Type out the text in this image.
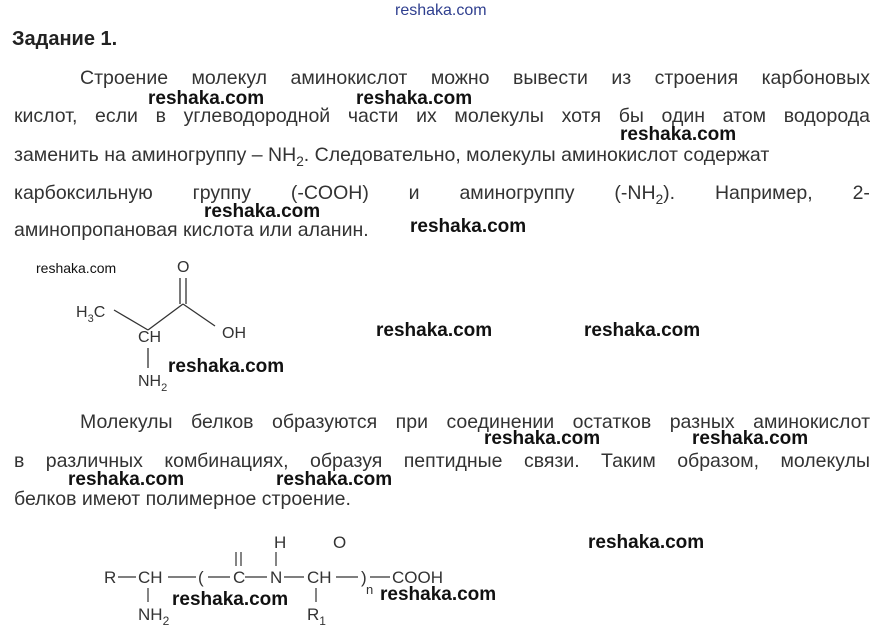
reshaka.com
Задание 1.
Строение молекул аминокислот можно вывести из строения карбоновых
кислот, если в углеводородной части их молекулы хотя бы один атом водорода
заменить на аминогруппу – $NH_2$. Следовательно, молекулы аминокислот содержат
карбоксильную группу (-COOH) и аминогруппу $(-NH_2)$. Например, 2-
аминопропановая кислота или аланин.
O
$H_3C$
OH
CH
$NH_2$
Молекулы белков образуются при соединении остатков разных аминокислот
в различных комбинациях, образуя пептидные связи. Таким образом, молекулы
белков имеют полимерное строение.
O
H
R CH ( C N CH )
n
COOH
$NH_2$	$R_1$
reshaka.com	reshaka.com
reshaka.com
reshaka.com
reshaka.com
reshaka.com
reshaka.com	reshaka.com
reshaka.com
reshaka.com	reshaka.com
reshaka.com	reshaka.com
reshaka.com
reshaka.com	reshaka.com
